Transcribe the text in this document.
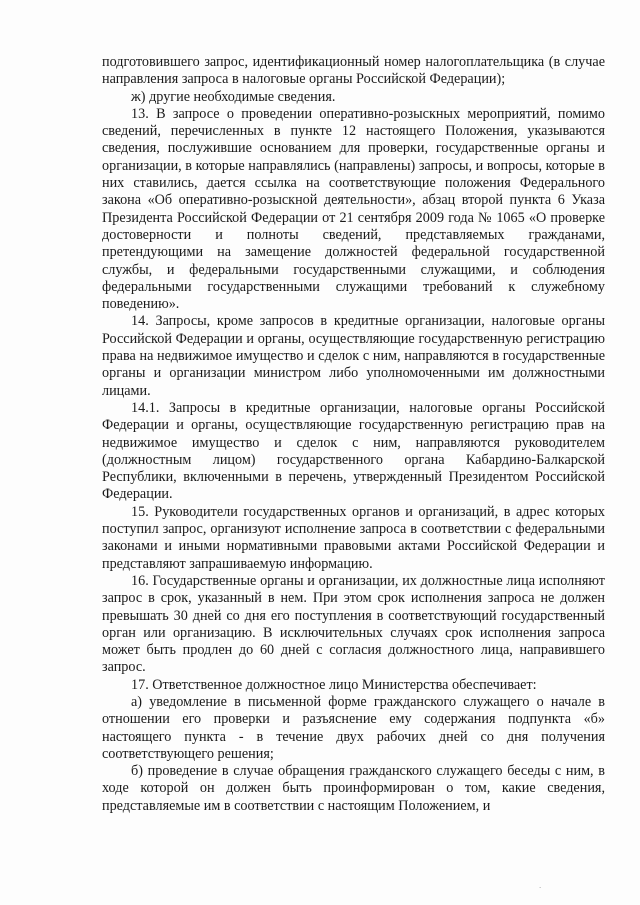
подготовившего запрос, идентификационный номер налогоплательщика (в случае направления запроса в налоговые органы Российской Федерации);

ж) другие необходимые сведения.

13. В запросе о проведении оперативно-розыскных мероприятий, помимо сведений, перечисленных в пункте 12 настоящего Положения, указываются сведения, послужившие основанием для проверки, государственные органы и организации, в которые направлялись (направлены) запросы, и вопросы, которые в них ставились, дается ссылка на соответствующие положения Федерального закона «Об оперативно-розыскной деятельности», абзац второй пункта 6 Указа Президента Российской Федерации от 21 сентября 2009 года № 1065 «О проверке достоверности и полноты сведений, представляемых гражданами, претендующими на замещение должностей федеральной государственной службы, и федеральными государственными служащими, и соблюдения федеральными государственными служащими требований к служебному поведению».

14. Запросы, кроме запросов в кредитные организации, налоговые органы Российской Федерации и органы, осуществляющие государственную регистрацию права на недвижимое имущество и сделок с ним, направляются в государственные органы и организации министром либо уполномоченными им должностными лицами.

14.1. Запросы в кредитные организации, налоговые органы Российской Федерации и органы, осуществляющие государственную регистрацию прав на недвижимое имущество и сделок с ним, направляются руководителем (должностным лицом) государственного органа Кабардино-Балкарской Республики, включенными в перечень, утвержденный Президентом Российской Федерации.

15. Руководители государственных органов и организаций, в адрес которых поступил запрос, организуют исполнение запроса в соответствии с федеральными законами и иными нормативными правовыми актами Российской Федерации и представляют запрашиваемую информацию.

16. Государственные органы и организации, их должностные лица исполняют запрос в срок, указанный в нем. При этом срок исполнения запроса не должен превышать 30 дней со дня его поступления в соответствующий государственный орган или организацию. В исключительных случаях срок исполнения запроса может быть продлен до 60 дней с согласия должностного лица, направившего запрос.

17. Ответственное должностное лицо Министерства обеспечивает:

а) уведомление в письменной форме гражданского служащего о начале в отношении его проверки и разъяснение ему содержания подпункта «б» настоящего пункта - в течение двух рабочих дней со дня получения соответствующего решения;

б) проведение в случае обращения гражданского служащего беседы с ним, в ходе которой он должен быть проинформирован о том, какие сведения, представляемые им в соответствии с настоящим Положением, и

·
